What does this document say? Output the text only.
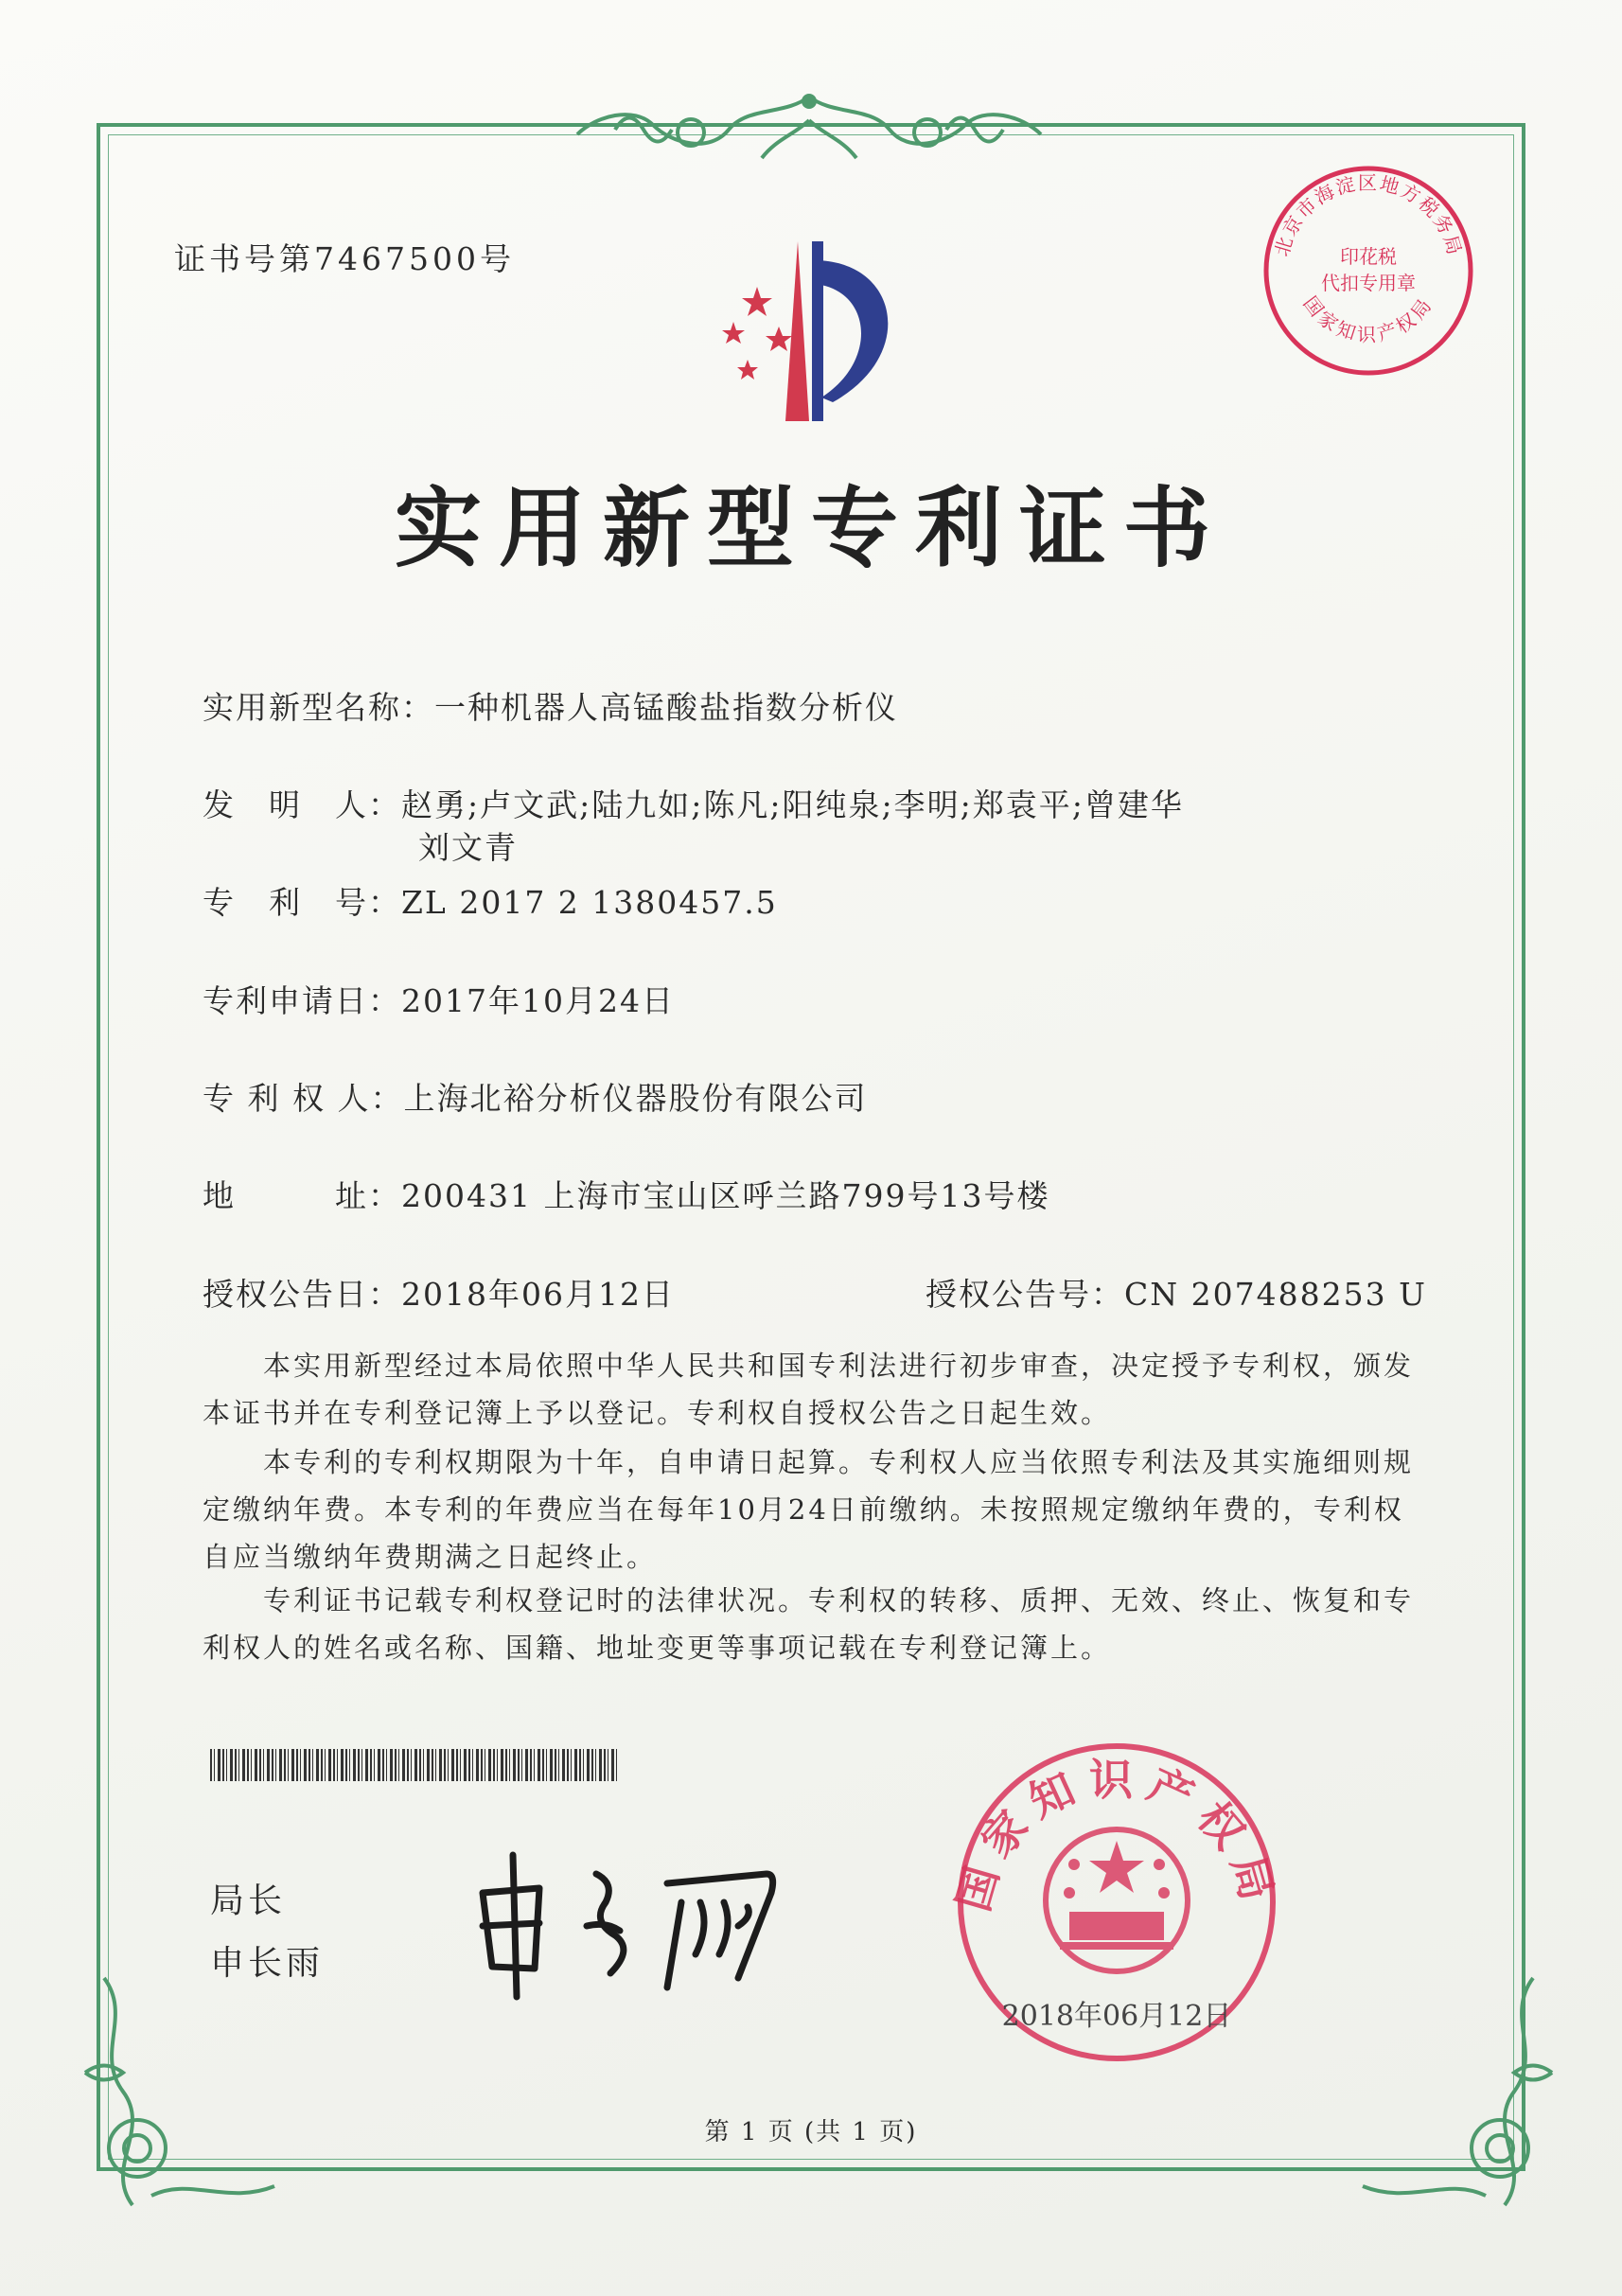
证书号第7467500号	北京市海淀区地方税务局
印花税
代扣专用章
国家知识产权局
实用新型专利证书
实用新型名称：一种机器人高锰酸盐指数分析仪
发　明　人：赵勇;卢文武;陆九如;陈凡;阳纯泉;李明;郑袁平;曾建华
刘文青
专　利　号：ZL 2017 2 1380457.5
专利申请日：2017年10月24日
专 利 权 人：上海北裕分析仪器股份有限公司
地　　　址：200431 上海市宝山区呼兰路799号13号楼
授权公告日：2018年06月12日	授权公告号：CN 207488253 U
本实用新型经过本局依照中华人民共和国专利法进行初步审查，决定授予专利权，颁发本证书并在专利登记簿上予以登记。专利权自授权公告之日起生效。
本专利的专利权期限为十年，自申请日起算。专利权人应当依照专利法及其实施细则规定缴纳年费。本专利的年费应当在每年10月24日前缴纳。未按照规定缴纳年费的，专利权自应当缴纳年费期满之日起终止。
专利证书记载专利权登记时的法律状况。专利权的转移、质押、无效、终止、恢复和专利权人的姓名或名称、国籍、地址变更等事项记载在专利登记簿上。
局长
申长雨
国家知识产权局
2018年06月12日
第 1 页 (共 1 页)
